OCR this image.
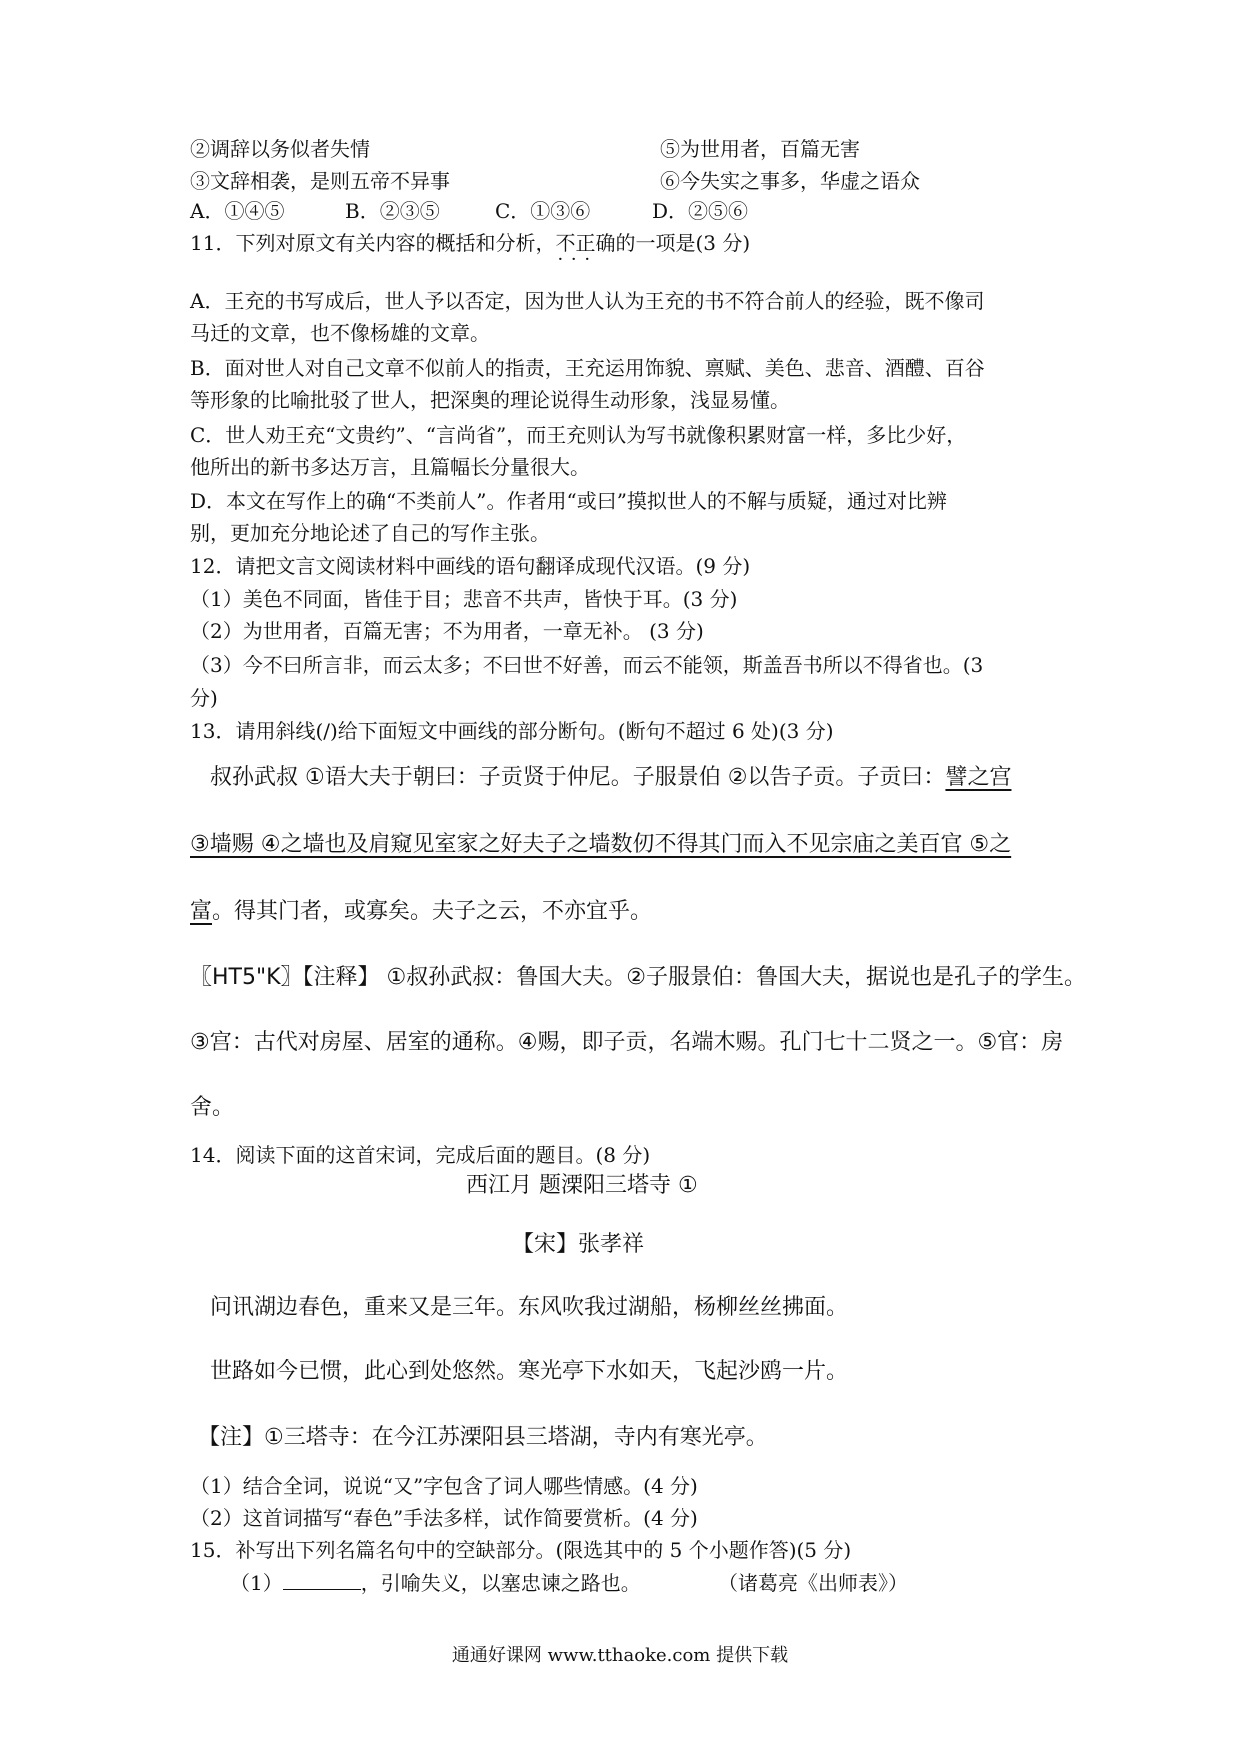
②调辞以务似者失情	⑤为世用者，百篇无害
③文辞相袭，是则五帝不异事	⑥今失实之事多，华虚之语众
A．①④⑤	B．②③⑤	C．①③⑥	D．②⑤⑥
11．下列对原文有关内容的概括和分析，不正确 · · ·的一项是(3 分)
A．王充的书写成后，世人予以否定，因为世人认为王充的书不符合前人的经验，既不像司
马迁的文章，也不像杨雄的文章。
B．面对世人对自己文章不似前人的指责，王充运用饰貌、禀赋、美色、悲音、酒醴、百谷
等形象的比喻批驳了世人，把深奥的理论说得生动形象，浅显易懂。
C．世人劝王充“文贵约”、“言尚省”，而王充则认为写书就像积累财富一样，多比少好，
他所出的新书多达万言，且篇幅长分量很大。
D．本文在写作上的确“不类前人”。作者用“或曰”摸拟世人的不解与质疑，通过对比辨
别，更加充分地论述了自己的写作主张。
12．请把文言文阅读材料中画线的语句翻译成现代汉语。(9 分)
（1）美色不同面，皆佳于目；悲音不共声，皆快于耳。(3 分)
（2）为世用者，百篇无害；不为用者，一章无补。 (3 分)
（3）今不曰所言非，而云太多；不曰世不好善，而云不能领，斯盖吾书所以不得省也。(3
分)
13．请用斜线(/)给下面短文中画线的部分断句。(断句不超过 6 处)(3 分)
叔孙武叔 ①语大夫于朝曰：子贡贤于仲尼。子服景伯 ②以告子贡。子贡曰：譬之宫
③墙赐 ④之墙也及肩窥见室家之好夫子之墙数仞不得其门而入不见宗庙之美百官 ⑤之
富。得其门者，或寡矣。夫子之云，不亦宜乎。
〖HT5"K〗【注释】 ①叔孙武叔：鲁国大夫。②子服景伯：鲁国大夫，据说也是孔子的学生。
③宫：古代对房屋、居室的通称。④赐，即子贡，名端木赐。孔门七十二贤之一。⑤官：房
舍。
14．阅读下面的这首宋词，完成后面的题目。(8 分)
西江月 题溧阳三塔寺 ①
【宋】张孝祥
问讯湖边春色，重来又是三年。东风吹我过湖船，杨柳丝丝拂面。
世路如今已惯，此心到处悠然。寒光亭下水如天，飞起沙鸥一片。
【注】①三塔寺：在今江苏溧阳县三塔湖，寺内有寒光亭。
（1）结合全词，说说“又”字包含了词人哪些情感。(4 分)
（2）这首词描写“春色”手法多样，试作简要赏析。(4 分)
15．补写出下列名篇名句中的空缺部分。(限选其中的 5 个小题作答)(5 分)
（1）	，引喻失义，以塞忠谏之路也。	（诸葛亮《出师表》）
通通好课网 www.tthaoke.com 提供下载
